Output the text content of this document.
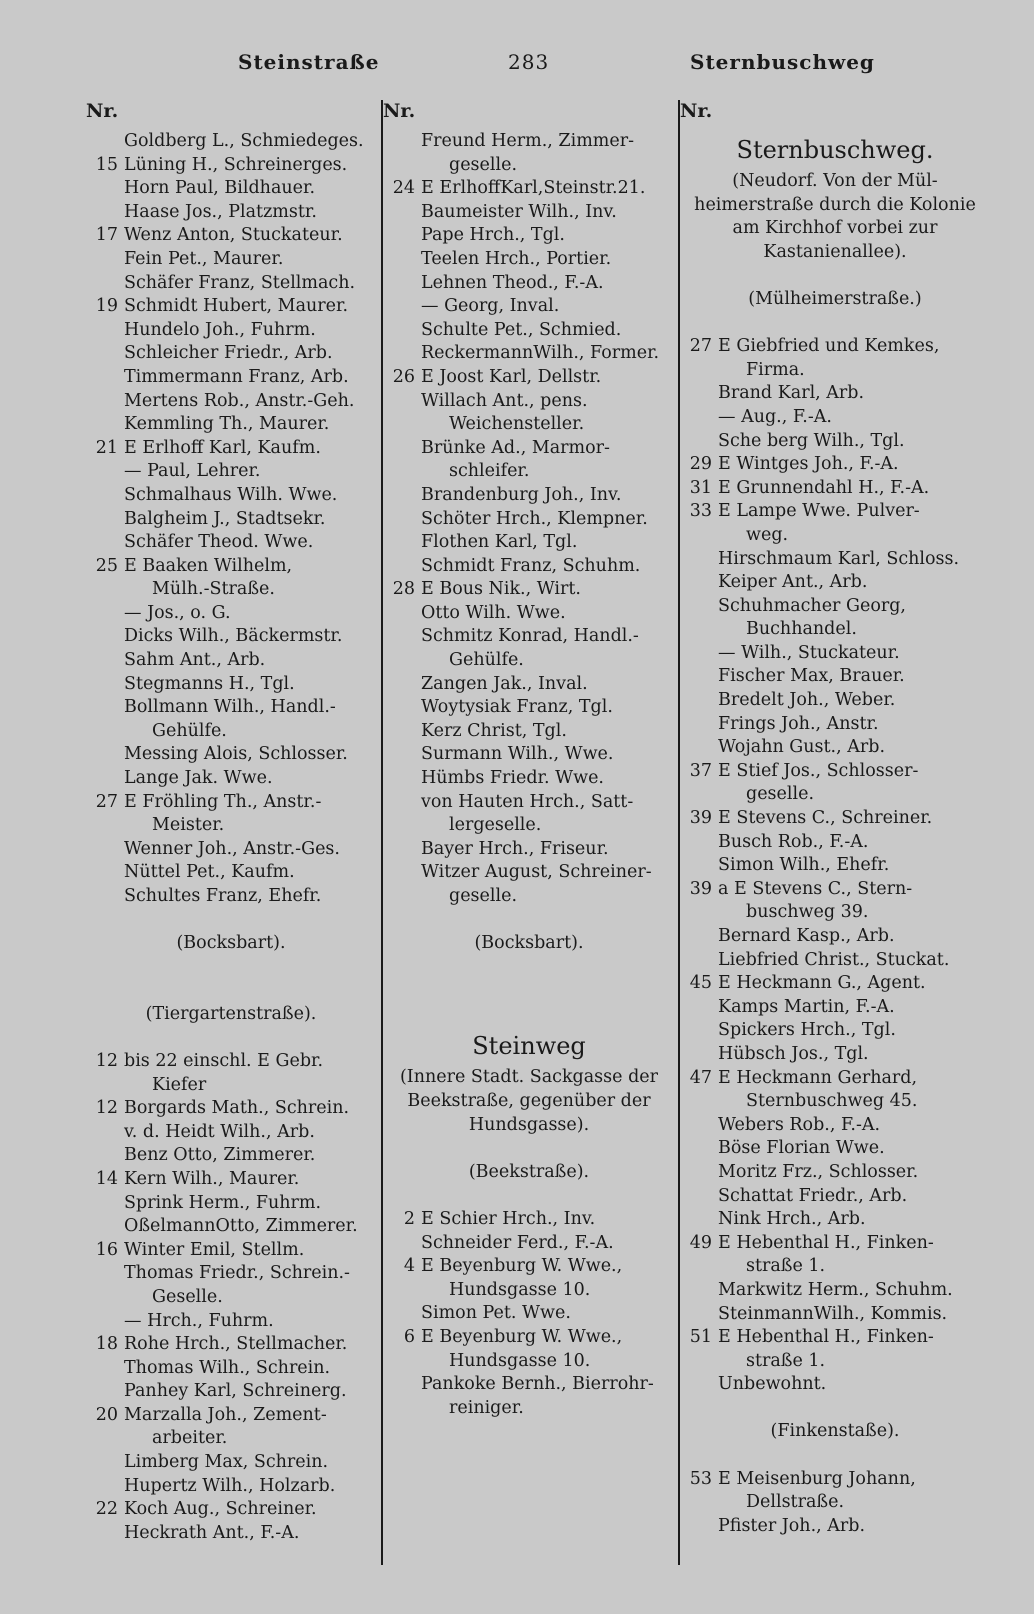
Steinstraße	283	Sternbuschweg
Nr.
Goldberg L., Schmiedeges.
15 Lüning H., Schreinerges.
Horn Paul, Bildhauer.
Haase Jos., Platzmstr.
17 Wenz Anton, Stuckateur.
Fein Pet., Maurer.
Schäfer Franz, Stellmach.
19 Schmidt Hubert, Maurer.
Hundelo Joh., Fuhrm.
Schleicher Friedr., Arb.
Timmermann Franz, Arb.
Mertens Rob., Anstr.-Geh.
Kemmling Th., Maurer.
21 E Erlhoff Karl, Kaufm.
— Paul, Lehrer.
Schmalhaus Wilh. Wwe.
Balgheim J., Stadtsekr.
Schäfer Theod. Wwe.
25 E Baaken Wilhelm,
Mülh.-Straße.
— Jos., o. G.
Dicks Wilh., Bäckermstr.
Sahm Ant., Arb.
Stegmanns H., Tgl.
Bollmann Wilh., Handl.-
Gehülfe.
Messing Alois, Schlosser.
Lange Jak. Wwe.
27 E Fröhling Th., Anstr.-
Meister.
Wenner Joh., Anstr.-Ges.
Nüttel Pet., Kaufm.
Schultes Franz, Ehefr.
(Bocksbart).
(Tiergartenstraße).
12 bis 22 einschl. E Gebr.
Kiefer
12 Borgards Math., Schrein.
v. d. Heidt Wilh., Arb.
Benz Otto, Zimmerer.
14 Kern Wilh., Maurer.
Sprink Herm., Fuhrm.
OßelmannOtto, Zimmerer.
16 Winter Emil, Stellm.
Thomas Friedr., Schrein.-
Geselle.
— Hrch., Fuhrm.
18 Rohe Hrch., Stellmacher.
Thomas Wilh., Schrein.
Panhey Karl, Schreinerg.
20 Marzalla Joh., Zement-
arbeiter.
Limberg Max, Schrein.
Hupertz Wilh., Holzarb.
22 Koch Aug., Schreiner.
Heckrath Ant., F.-A.
Nr.
Freund Herm., Zimmer-
geselle.
24 E ErlhoffKarl,Steinstr.21.
Baumeister Wilh., Inv.
Pape Hrch., Tgl.
Teelen Hrch., Portier.
Lehnen Theod., F.-A.
— Georg, Inval.
Schulte Pet., Schmied.
ReckermannWilh., Former.
26 E Joost Karl, Dellstr.
Willach Ant., pens.
Weichensteller.
Brünke Ad., Marmor-
schleifer.
Brandenburg Joh., Inv.
Schöter Hrch., Klempner.
Flothen Karl, Tgl.
Schmidt Franz, Schuhm.
28 E Bous Nik., Wirt.
Otto Wilh. Wwe.
Schmitz Konrad, Handl.-
Gehülfe.
Zangen Jak., Inval.
Woytysiak Franz, Tgl.
Kerz Christ, Tgl.
Surmann Wilh., Wwe.
Hümbs Friedr. Wwe.
von Hauten Hrch., Satt-
lergeselle.
Bayer Hrch., Friseur.
Witzer August, Schreiner-
geselle.
(Bocksbart).
Steinweg
(Innere Stadt. Sackgasse der
Beekstraße, gegenüber der
Hundsgasse).
(Beekstraße).
2 E Schier Hrch., Inv.
Schneider Ferd., F.-A.
4 E Beyenburg W. Wwe.,
Hundsgasse 10.
Simon Pet. Wwe.
6 E Beyenburg W. Wwe.,
Hundsgasse 10.
Pankoke Bernh., Bierrohr-
reiniger.
Nr.
Sternbuschweg.
(Neudorf. Von der Mül-
heimerstraße durch die Kolonie
am Kirchhof vorbei zur
Kastanienallee).
(Mülheimerstraße.)
27 E Giebfried und Kemkes,
Firma.
Brand Karl, Arb.
— Aug., F.-A.
Sche berg Wilh., Tgl.
29 E Wintges Joh., F.-A.
31 E Grunnendahl H., F.-A.
33 E Lampe Wwe. Pulver-
weg.
Hirschmaum Karl, Schloss.
Keiper Ant., Arb.
Schuhmacher Georg,
Buchhandel.
— Wilh., Stuckateur.
Fischer Max, Brauer.
Bredelt Joh., Weber.
Frings Joh., Anstr.
Wojahn Gust., Arb.
37 E Stief Jos., Schlosser-
geselle.
39 E Stevens C., Schreiner.
Busch Rob., F.-A.
Simon Wilh., Ehefr.
39 a E Stevens C., Stern-
buschweg 39.
Bernard Kasp., Arb.
Liebfried Christ., Stuckat.
45 E Heckmann G., Agent.
Kamps Martin, F.-A.
Spickers Hrch., Tgl.
Hübsch Jos., Tgl.
47 E Heckmann Gerhard,
Sternbuschweg 45.
Webers Rob., F.-A.
Böse Florian Wwe.
Moritz Frz., Schlosser.
Schattat Friedr., Arb.
Nink Hrch., Arb.
49 E Hebenthal H., Finken-
straße 1.
Markwitz Herm., Schuhm.
SteinmannWilh., Kommis.
51 E Hebenthal H., Finken-
straße 1.
Unbewohnt.
(Finkenstaße).
53 E Meisenburg Johann,
Dellstraße.
Pfister Joh., Arb.
